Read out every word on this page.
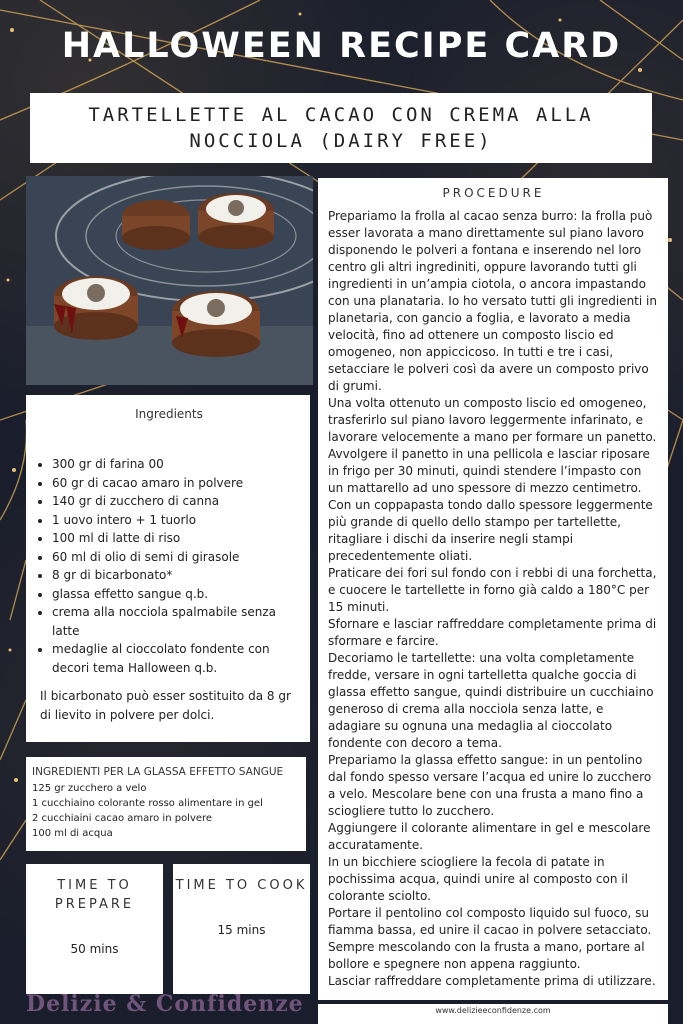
HALLOWEEN RECIPE CARD
TARTELLETTE AL CACAO CON CREMA ALLA NOCCIOLA (DAIRY FREE)
PROCEDURE
Prepariamo la frolla al cacao senza burro: la frolla può esser lavorata a mano direttamente sul piano lavoro disponendo le polveri a fontana e inserendo nel loro centro gli altri ingrediniti, oppure lavorando tutti gli ingredienti in un’ampia ciotola, o ancora impastando con una planataria. Io ho versato tutti gli ingredienti in planetaria, con gancio a foglia, e lavorato a media velocità, fino ad ottenere un composto liscio ed omogeneo, non appiccicoso. In tutti e tre i casi, setacciare le polveri così da avere un composto privo di grumi.
Una volta ottenuto un composto liscio ed omogeneo, trasferirlo sul piano lavoro leggermente infarinato, e lavorare velocemente a mano per formare un panetto.
Avvolgere il panetto in una pellicola e lasciar riposare in frigo per 30 minuti, quindi stendere l’impasto con un mattarello ad uno spessore di mezzo centimetro.
Con un coppapasta tondo dallo spessore leggermente più grande di quello dello stampo per tartellette, ritagliare i dischi da inserire negli stampi precedentemente oliati.
Praticare dei fori sul fondo con i rebbi di una forchetta, e cuocere le tartellette in forno già caldo a 180°C per 15 minuti.
Sfornare e lasciar raffreddare completamente prima di sformare e farcire.
Decoriamo le tartellette: una volta completamente fredde, versare in ogni tartelletta qualche goccia di glassa effetto sangue, quindi distribuire un cucchiaino generoso di crema alla nocciola senza latte, e adagiare su ognuna una medaglia al cioccolato fondente con decoro a tema.
Prepariamo la glassa effetto sangue: in un pentolino dal fondo spesso versare l’acqua ed unire lo zucchero a velo. Mescolare bene con una frusta a mano fino a sciogliere tutto lo zucchero.
Aggiungere il colorante alimentare in gel e mescolare accuratamente.
In un bicchiere sciogliere la fecola di patate in pochissima acqua, quindi unire al composto con il colorante sciolto.
Portare il pentolino col composto liquido sul fuoco, su fiamma bassa, ed unire il cacao in polvere setacciato.
Sempre mescolando con la frusta a mano, portare al bollore e spegnere non appena raggiunto.
Lasciar raffreddare completamente prima di utilizzare.
Ingredients
• 300 gr di farina 00
• 60 gr di cacao amaro in polvere
• 140 gr di zucchero di canna
• 1 uovo intero + 1 tuorlo
• 100 ml di latte di riso
• 60 ml di olio di semi di girasole
• 8 gr di bicarbonato*
• glassa effetto sangue q.b.
• crema alla nocciola spalmabile senza latte
• medaglie al cioccolato fondente con decori tema Halloween q.b.
Il bicarbonato può esser sostituito da 8 gr di lievito in polvere per dolci.
INGREDIENTI PER LA GLASSA EFFETTO SANGUE
125 gr zucchero a velo
1 cucchiaino colorante rosso alimentare in gel
2 cucchiaini cacao amaro in polvere
100 ml di acqua
TIME TO PREPARE
50 mins
TIME TO COOK
15 mins
Delizie & Confidenze	www.delizieeconfidenze.com
